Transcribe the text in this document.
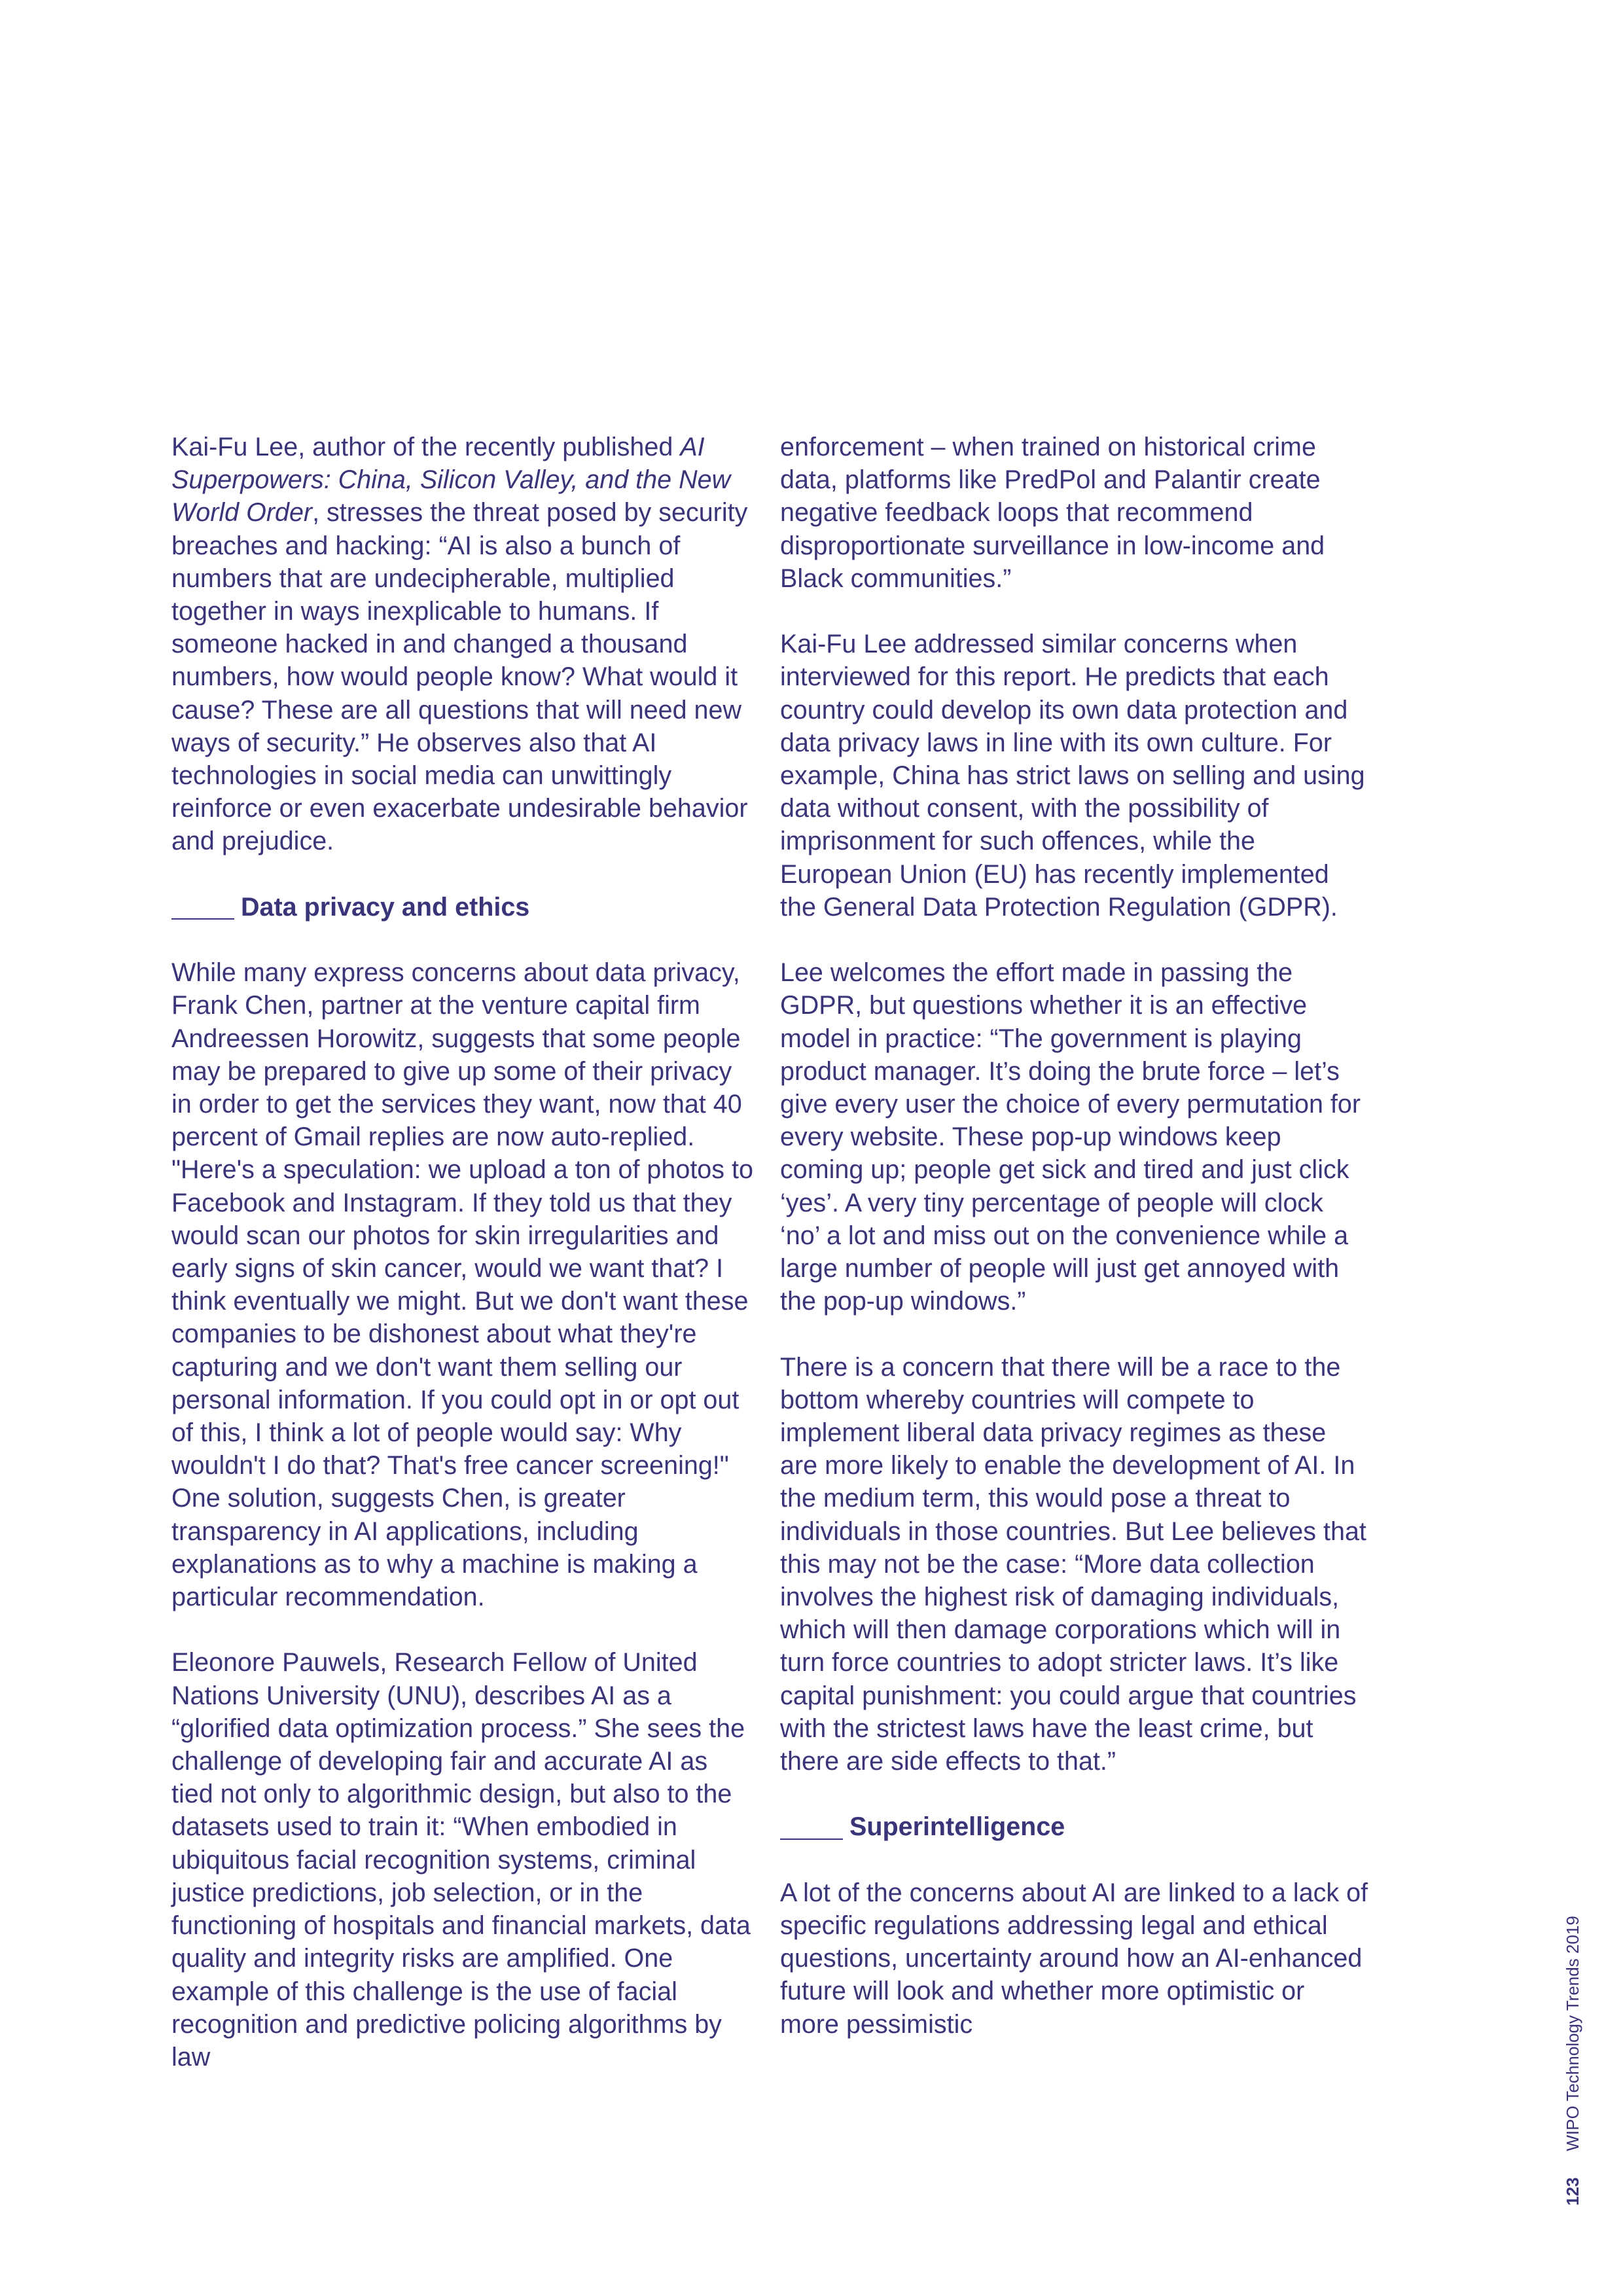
Kai-Fu Lee, author of the recently published AI Superpowers: China, Silicon Valley, and the New World Order, stresses the threat posed by security breaches and hacking: “AI is also a bunch of numbers that are undecipherable, multiplied together in ways inexplicable to humans. If someone hacked in and changed a thousand numbers, how would people know? What would it cause? These are all questions that will need new ways of security.” He observes also that AI technologies in social media can unwittingly reinforce or even exacerbate undesirable behavior and prejudice.

Data privacy and ethics

While many express concerns about data privacy, Frank Chen, partner at the venture capital firm Andreessen Horowitz, suggests that some people may be prepared to give up some of their privacy in order to get the services they want, now that 40 percent of Gmail replies are now auto-replied. "Here's a speculation: we upload a ton of photos to Facebook and Instagram. If they told us that they would scan our photos for skin irregularities and early signs of skin cancer, would we want that? I think eventually we might. But we don't want these companies to be dishonest about what they're capturing and we don't want them selling our personal information. If you could opt in or opt out of this, I think a lot of people would say: Why wouldn't I do that? That's free cancer screening!" One solution, suggests Chen, is greater transparency in AI applications, including explanations as to why a machine is making a particular recommendation.

Eleonore Pauwels, Research Fellow of United Nations University (UNU), describes AI as a “glorified data optimization process.” She sees the challenge of developing fair and accurate AI as tied not only to algorithmic design, but also to the datasets used to train it: “When embodied in ubiquitous facial recognition systems, criminal justice predictions, job selection, or in the functioning of hospitals and financial markets, data quality and integrity risks are amplified. One example of this challenge is the use of facial recognition and predictive policing algorithms by law

enforcement – when trained on historical crime data, platforms like PredPol and Palantir create negative feedback loops that recommend disproportionate surveillance in low-income and Black communities.”

Kai-Fu Lee addressed similar concerns when interviewed for this report. He predicts that each country could develop its own data protection and data privacy laws in line with its own culture. For example, China has strict laws on selling and using data without consent, with the possibility of imprisonment for such offences, while the European Union (EU) has recently implemented the General Data Protection Regulation (GDPR).

Lee welcomes the effort made in passing the GDPR, but questions whether it is an effective model in practice: “The government is playing product manager. It’s doing the brute force – let’s give every user the choice of every permutation for every website. These pop-up windows keep coming up; people get sick and tired and just click ‘yes’. A very tiny percentage of people will clock ‘no’ a lot and miss out on the convenience while a large number of people will just get annoyed with the pop-up windows.”

There is a concern that there will be a race to the bottom whereby countries will compete to implement liberal data privacy regimes as these are more likely to enable the development of AI. In the medium term, this would pose a threat to individuals in those countries. But Lee believes that this may not be the case: “More data collection involves the highest risk of damaging individuals, which will then damage corporations which will in turn force countries to adopt stricter laws. It’s like capital punishment: you could argue that countries with the strictest laws have the least crime, but there are side effects to that.”

Superintelligence

A lot of the concerns about AI are linked to a lack of specific regulations addressing legal and ethical questions, uncertainty around how an AI-enhanced future will look and whether more optimistic or more pessimistic

123WIPO Technology Trends 2019
